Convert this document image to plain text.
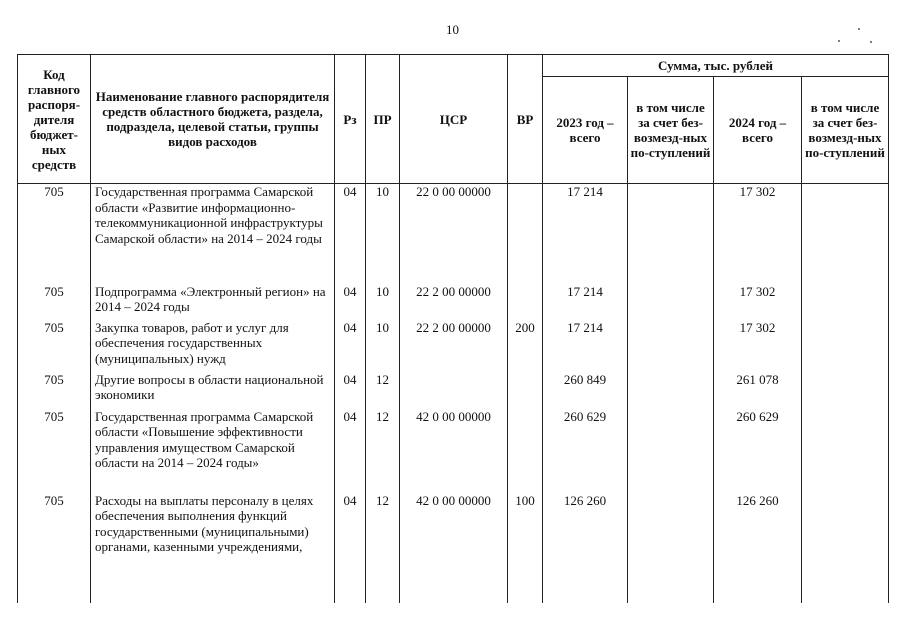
10
Код главного распоря-дителя бюджет-ных средств	Наименование главного распорядителя средств областного бюджета, раздела, подраздела, целевой статьи, группы видов расходов	Рз	ПР	ЦСР	ВР	Сумма, тыс. рублей			
						2023 год – всего	в том числе за счет без-возмезд-ных по-ступлений	2024 год – всего	в том числе за счет без-возмезд-ных по-ступлений
705	Государственная программа Самарской области «Развитие информационно-телекоммуникационной инфраструктуры Самарской области» на 2014 – 2024 годы	04	10	22 0 00 00000		17 214		17 302	
705	Подпрограмма «Электронный регион» на 2014 – 2024 годы	04	10	22 2 00 00000		17 214		17 302	
705	Закупка товаров, работ и услуг для обеспечения государственных (муниципальных) нужд	04	10	22 2 00 00000	200	17 214		17 302	
705	Другие вопросы в области национальной экономики	04	12			260 849		261 078	
705	Государственная программа Самарской области «Повышение эффективности управления имуществом Самарской области на 2014 – 2024 годы»	04	12	42 0 00 00000		260 629		260 629	
705	Расходы на выплаты персоналу в целях обеспечения выполнения функций государственными (муниципальными) органами, казенными учреждениями,	04	12	42 0 00 00000	100	126 260		126 260	
